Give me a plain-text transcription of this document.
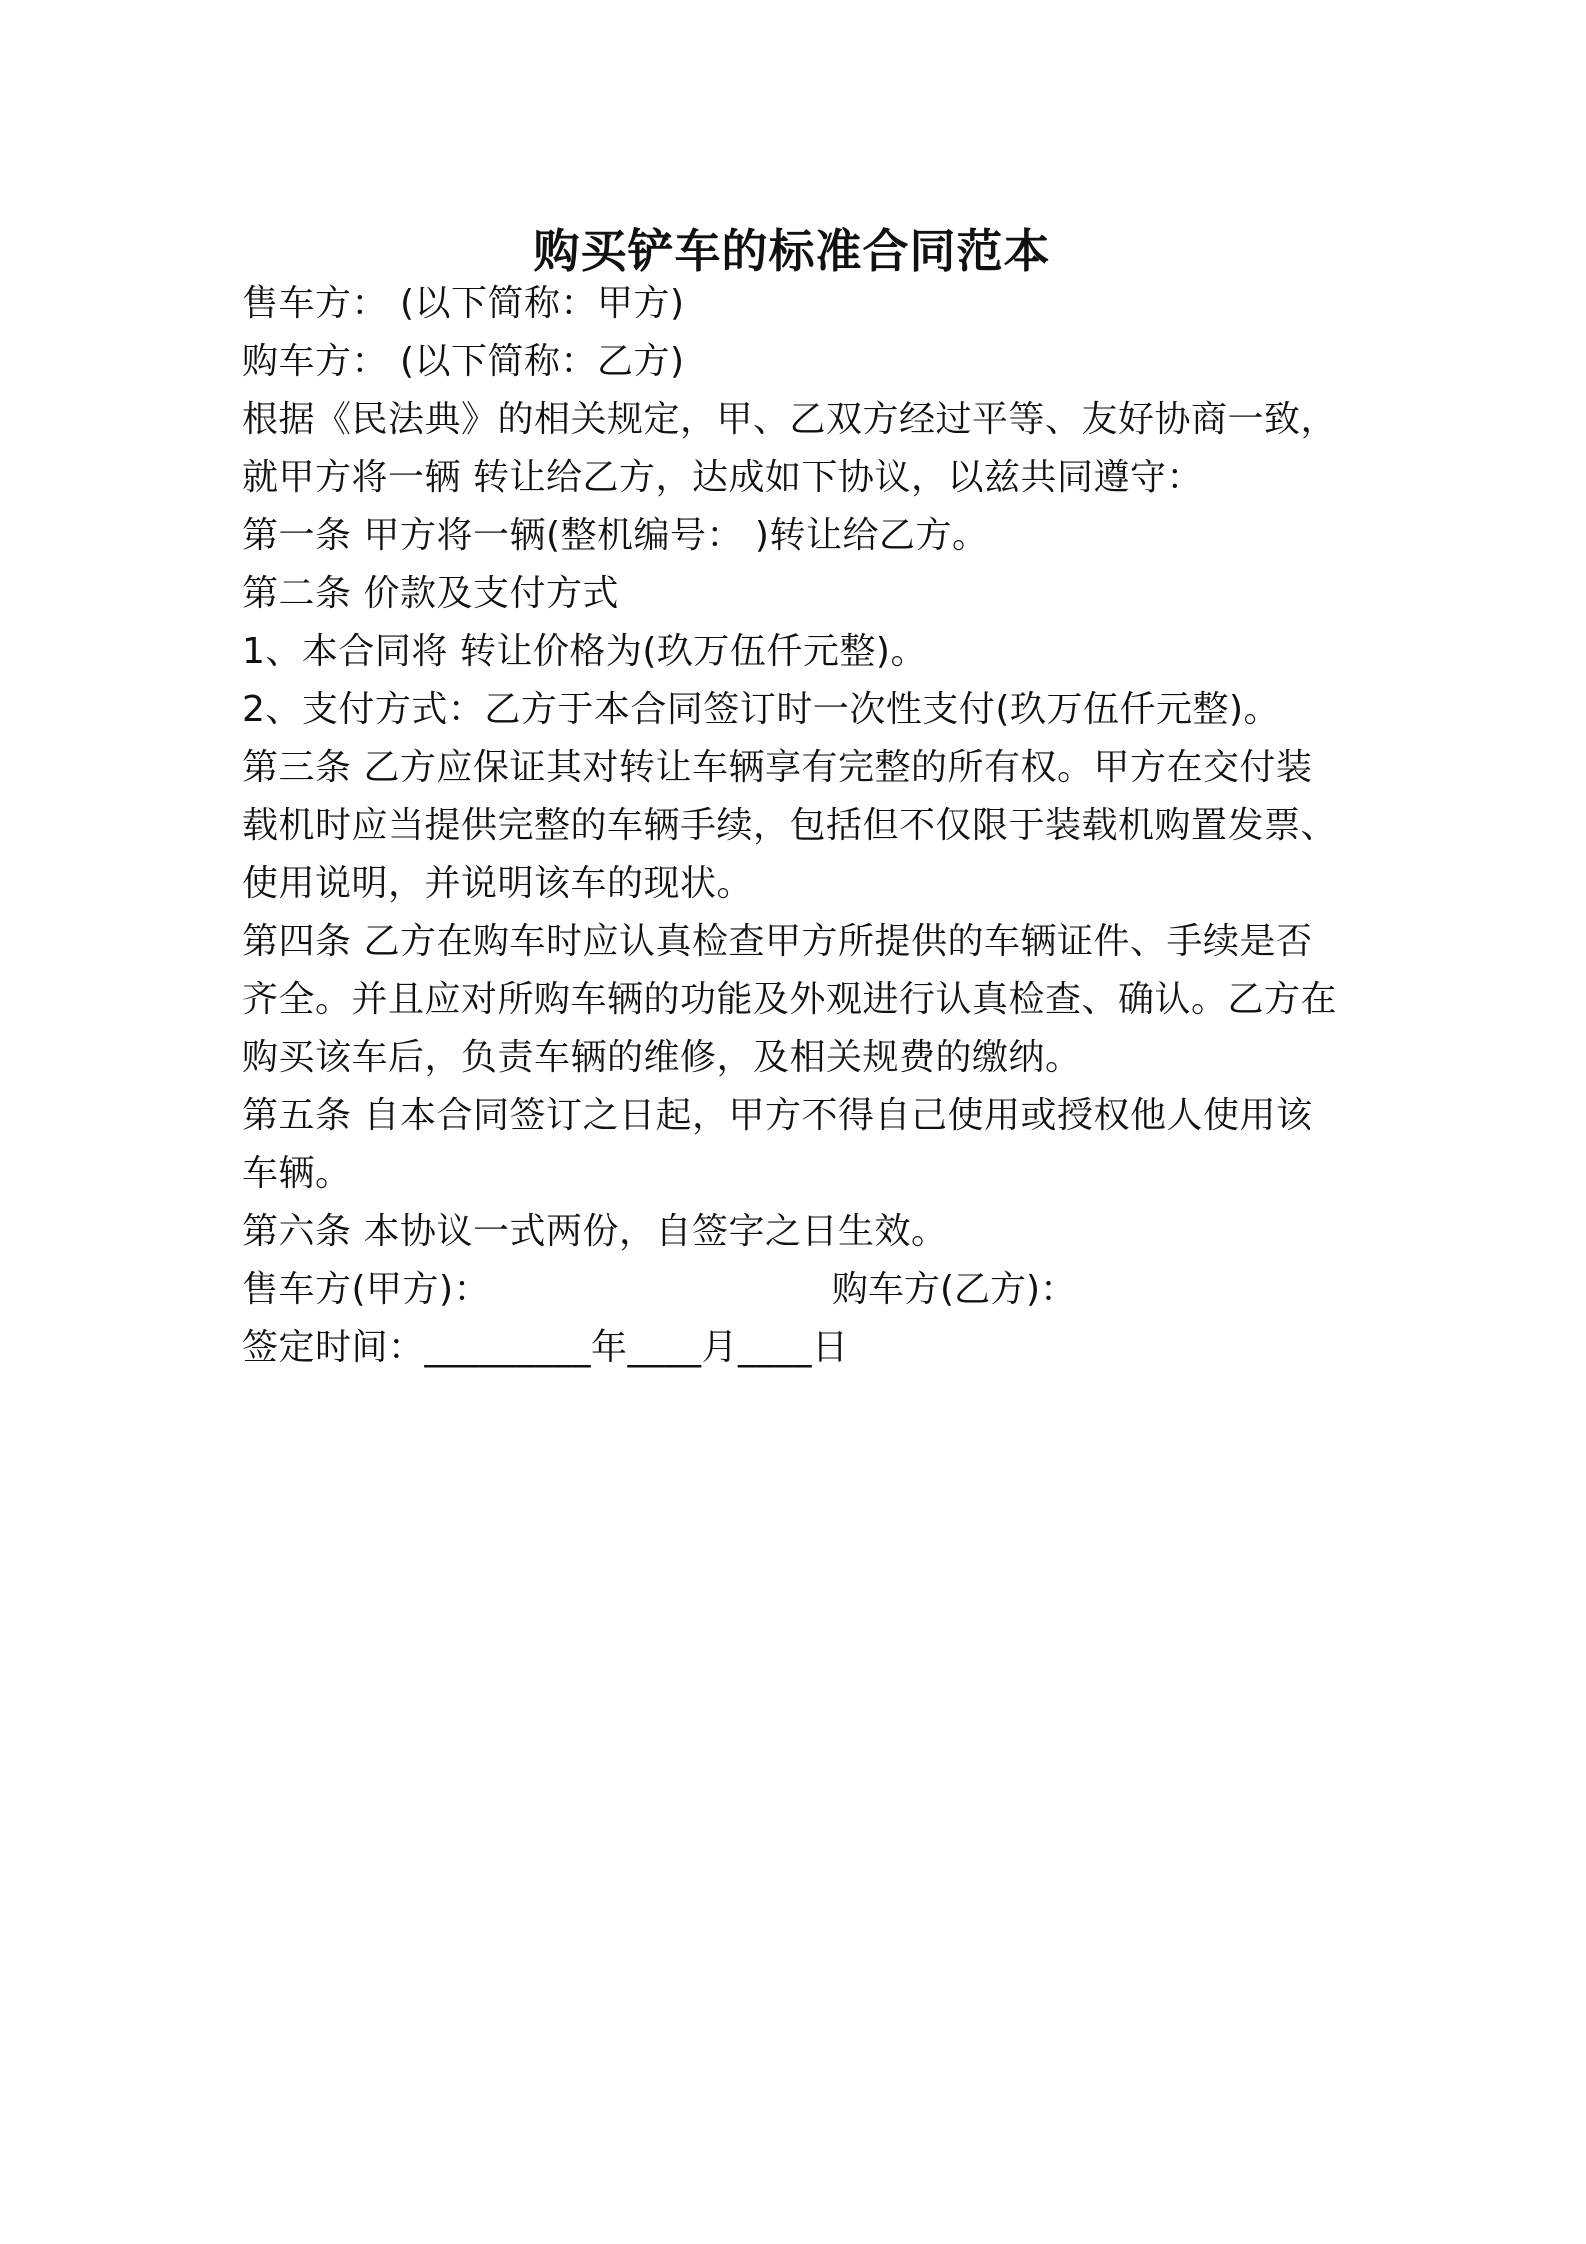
购买铲车的标准合同范本
售车方： (以下简称：甲方)
购车方： (以下简称：乙方)
根据《民法典》的相关规定，甲、乙双方经过平等、友好协商一致，
就甲方将一辆 转让给乙方，达成如下协议，以兹共同遵守：
第一条 甲方将一辆(整机编号： )转让给乙方。
第二条 价款及支付方式
1、本合同将 转让价格为(玖万伍仟元整)。
2、支付方式：乙方于本合同签订时一次性支付(玖万伍仟元整)。
第三条 乙方应保证其对转让车辆享有完整的所有权。甲方在交付装
载机时应当提供完整的车辆手续，包括但不仅限于装载机购置发票、
使用说明，并说明该车的现状。
第四条 乙方在购车时应认真检查甲方所提供的车辆证件、手续是否
齐全。并且应对所购车辆的功能及外观进行认真检查、确认。乙方在
购买该车后，负责车辆的维修，及相关规费的缴纳。
第五条 自本合同签订之日起，甲方不得自己使用或授权他人使用该
车辆。
第六条 本协议一式两份，自签字之日生效。
售车方(甲方)：	购车方(乙方)：
签定时间：_________年____月____日
